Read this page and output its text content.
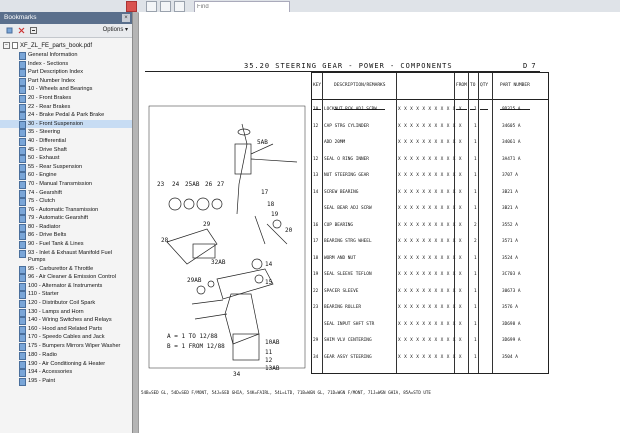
Find
Bookmarks	×
Options ▾
− XF_ZL_FE_parts_book.pdf
General Information
Index - Sections
Part Description Index
Part Number Index
10 - Wheels and Bearings
20 - Front Brakes
22 - Rear Brakes
24 - Brake Pedal & Park Brake
30 - Front Suspension
35 - Steering
40 - Differential
45 - Drive Shaft
50 - Exhaust
55 - Rear Suspension
60 - Engine
70 - Manual Transmission
74 - Gearshift
75 - Clutch
76 - Automatic Transmission
79 - Automatic Gearshift
80 - Radiator
86 - Drive Belts
90 - Fuel Tank & Lines
93 - Inlet & Exhaust Manifold Fuel Pumps
95 - Carburettor & Throttle
96 - Air Cleaner & Emission Control
100 - Alternator & Instruments
110 - Starter
120 - Distributor Coil Spark
130 - Lamps and Horn
140 - Wiring Switches and Relays
160 - Hood and Related Parts
170 - Speedo Cables and Jack
175 - Bumpers Mirrors Wiper Washer
180 - Radio
190 - Air Conditioning & Heater
194 - Accessories
195 - Paint
35.20 STEERING GEAR - POWER - COMPONENTS	D 7
23 24 25AB 26 27
5AB
17
18
19
20
28
29
29AB
32AB	14
15
10AB
11
12
13AB
A = 1 TO 12/88
B = 1 FROM 12/88
34
KEY	DESCRIPTION/REMARKS	FROM TO QTY	PART NUMBER
10 LOCKNUT RCK ADJ SCRW	X X X X X X X X X X X	1	9D325 A
12 CAP STRG CYLINDER	X X X X X X X X X X X	1	34605 A
ADD 20MM	X X X X X X X X X X X	1	34061 A
12 SEAL O RING INNER	X X X X X X X X X X X	1	3A471 A
13 NUT STEERING GEAR	X X X X X X X X X X X	1	3707 A
14 SCREW BEARING	X X X X X X X X X X X	1	3B21 A
SEAL BEAR ADJ SCRW	X X X X X X X X X X X	1	3B21 A
16 CUP BEARING	X X X X X X X X X X X	2	3552 A
17 BEARING STRG WHEEL	X X X X X X X X X X X	2	3571 A
18 WORM AND NUT	X X X X X X X X X X X	1	3524 A
19 SEAL SLEEVE TEFLON	X X X X X X X X X X X	1	3C703 A
22 SPACER SLEEVE	X X X X X X X X X X X	1	30673 A
23 BEARING ROLLER	X X X X X X X X X X X	1	3576 A
SEAL INPUT SHFT STR	X X X X X X X X X X X	1	3D698 A
29 SHIM VLV CENTERING	X X X X X X X X X X X	1	3D699 A
34 GEAR ASSY STEERING	X X X X X X X X X X X	1	3504 A
54B=SED GL, 54D=SED F/MONT, 54J=SED GHIA, 54K=FAIRL, 54L=LTD, 71B=WGN GL, 71D=WGN F/MONT, 71J=WGN GHIA, 85A=STD UTE
